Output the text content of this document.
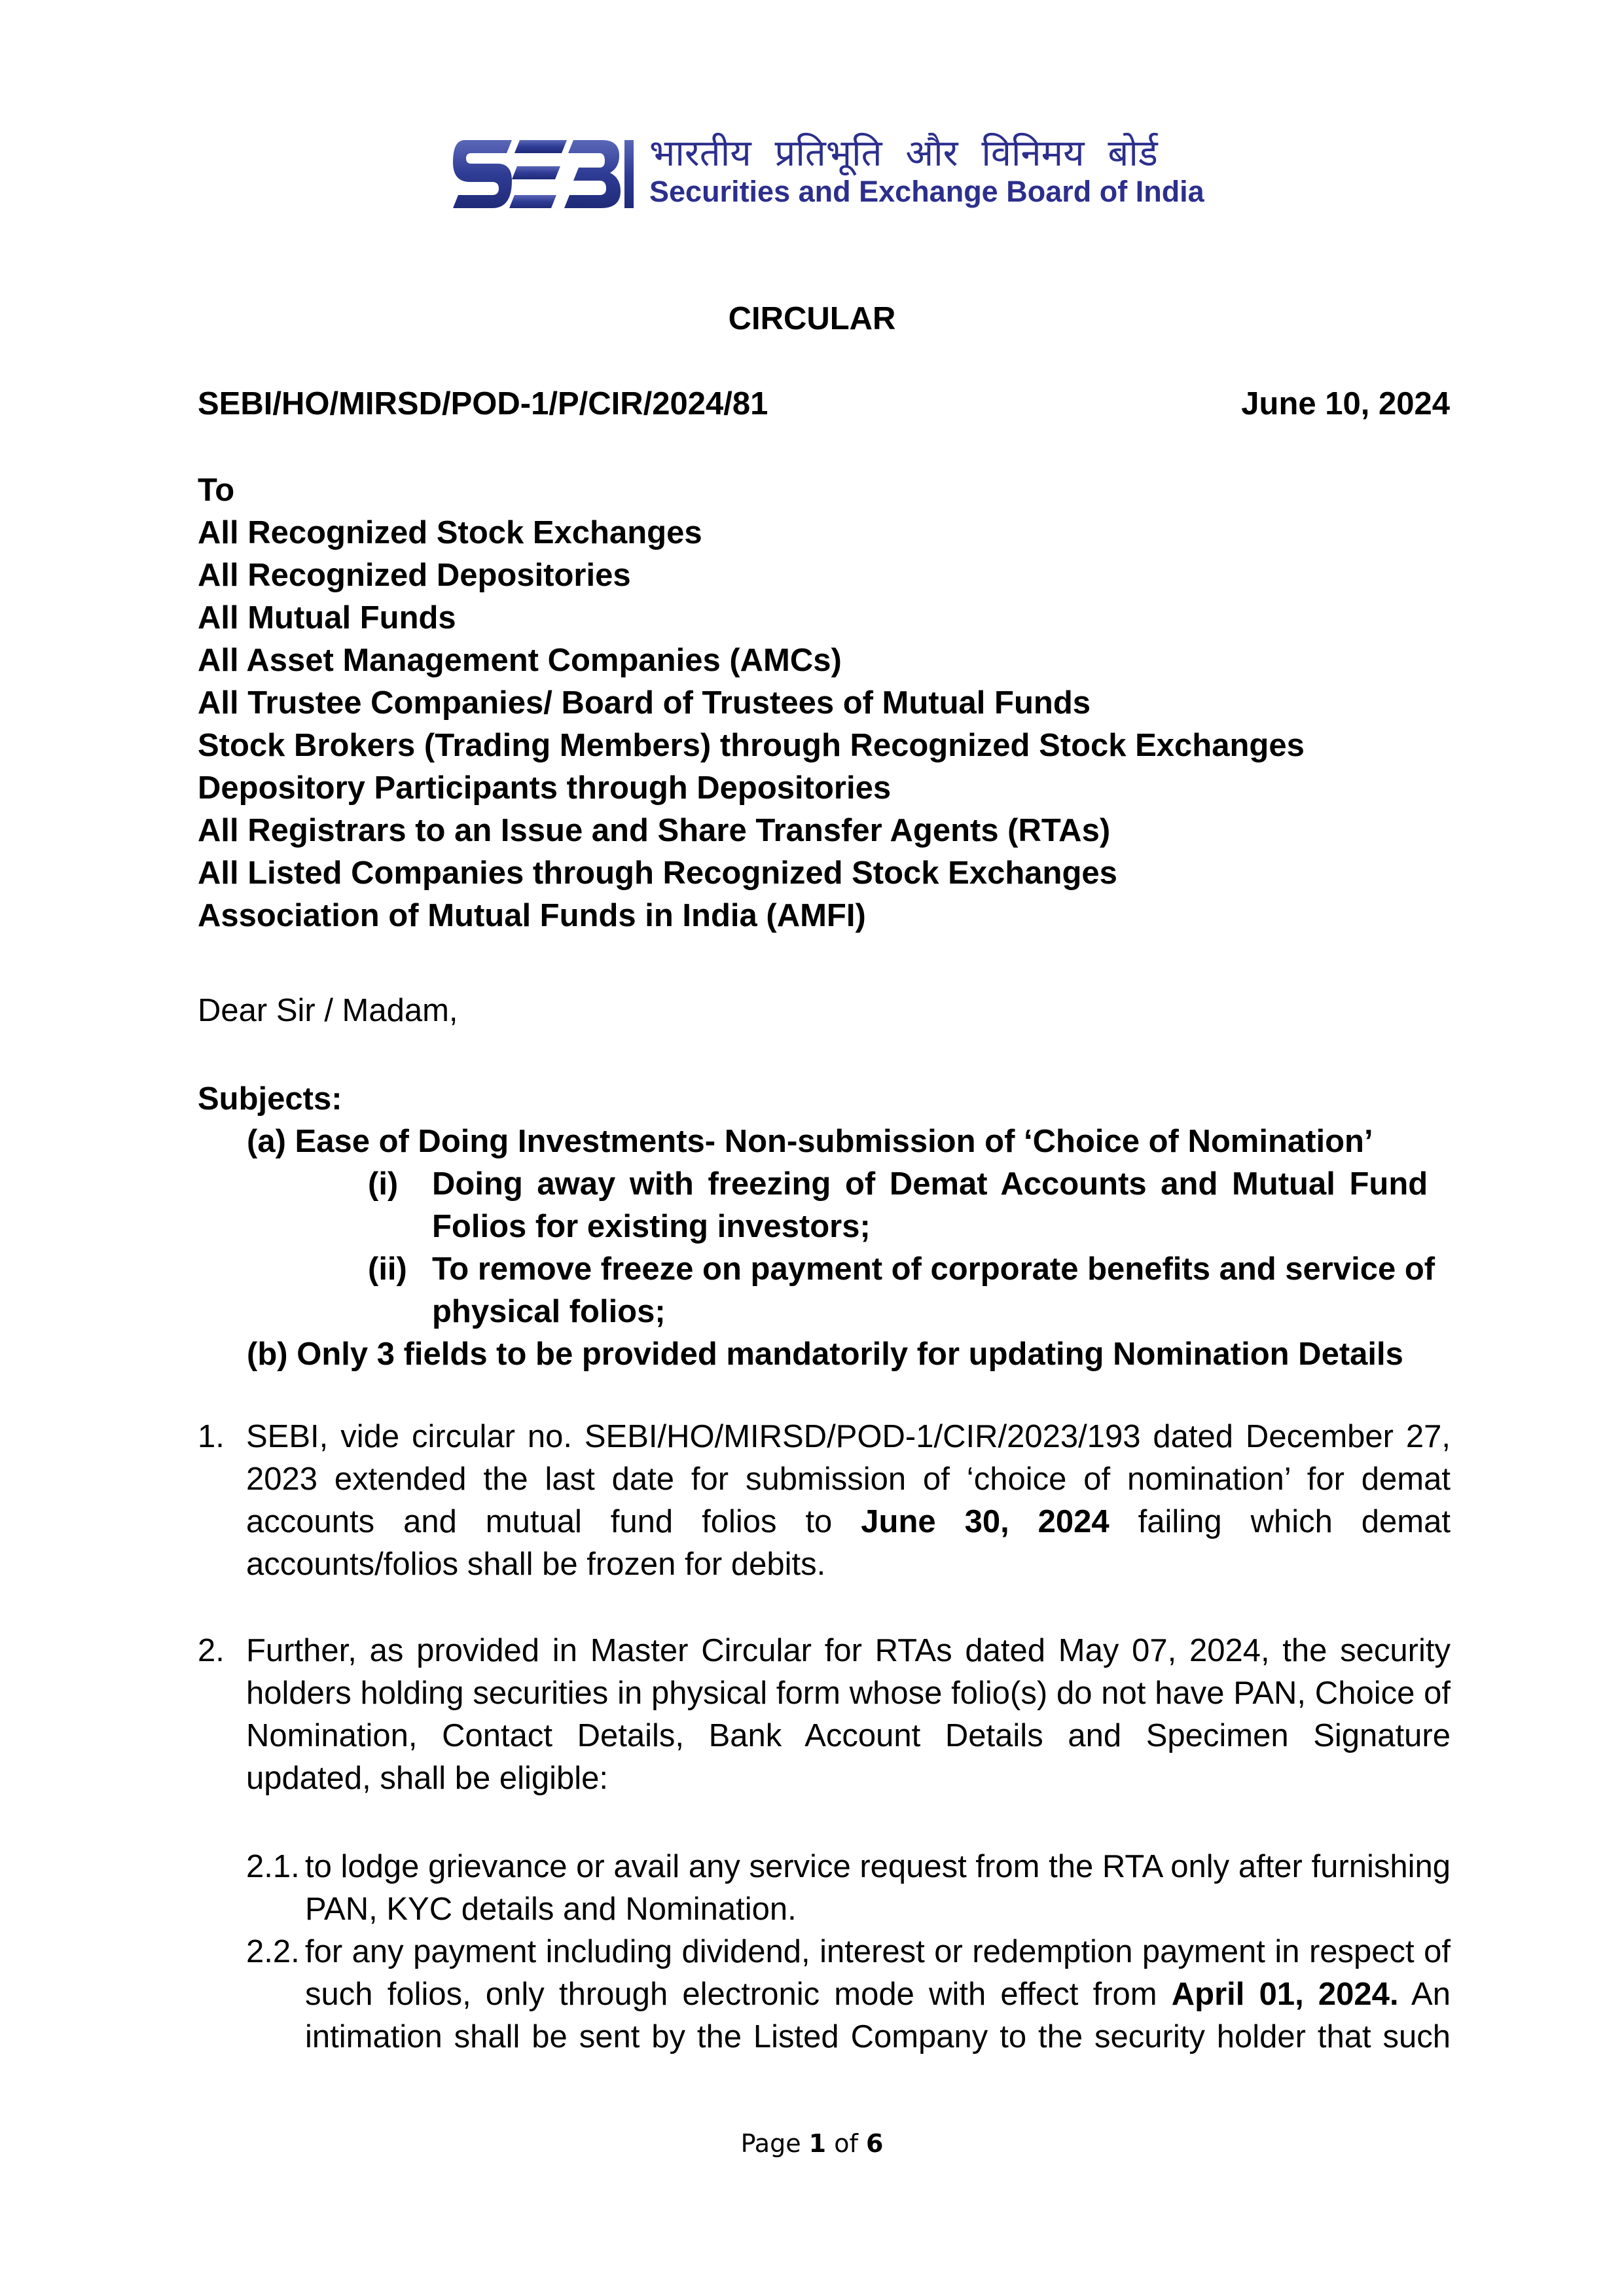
भारतीय प्रतिभूति और विनिमय बोर्ड
Securities and Exchange Board of India
CIRCULAR
SEBI/HO/MIRSD/POD-1/P/CIR/2024/81	June 10, 2024
To
All Recognized Stock Exchanges
All Recognized Depositories
All Mutual Funds
All Asset Management Companies (AMCs)
All Trustee Companies/ Board of Trustees of Mutual Funds
Stock Brokers (Trading Members) through Recognized Stock Exchanges
Depository Participants through Depositories
All Registrars to an Issue and Share Transfer Agents (RTAs)
All Listed Companies through Recognized Stock Exchanges
Association of Mutual Funds in India (AMFI)
Dear Sir / Madam,
Subjects:
(a) Ease of Doing Investments- Non-submission of ‘Choice of Nomination’
(i) Doing away with freezing of Demat Accounts and Mutual Fund
Folios for existing investors;
(ii) To remove freeze on payment of corporate benefits and service of
physical folios;
(b) Only 3 fields to be provided mandatorily for updating Nomination Details
1. SEBI, vide circular no. SEBI/HO/MIRSD/POD-1/CIR/2023/193 dated December 27, 2023 extended the last date for submission of ‘choice of nomination’ for demat accounts and mutual fund folios to June 30, 2024 failing which demat accounts/folios shall be frozen for debits.
2. Further, as provided in Master Circular for RTAs dated May 07, 2024, the security holders holding securities in physical form whose folio(s) do not have PAN, Choice of Nomination, Contact Details, Bank Account Details and Specimen Signature updated, shall be eligible:
2.1. to lodge grievance or avail any service request from the RTA only after furnishing PAN, KYC details and Nomination.
2.2. for any payment including dividend, interest or redemption payment in respect of such folios, only through electronic mode with effect from April 01, 2024. An intimation shall be sent by the Listed Company to the security holder that such
Page 1 of 6
